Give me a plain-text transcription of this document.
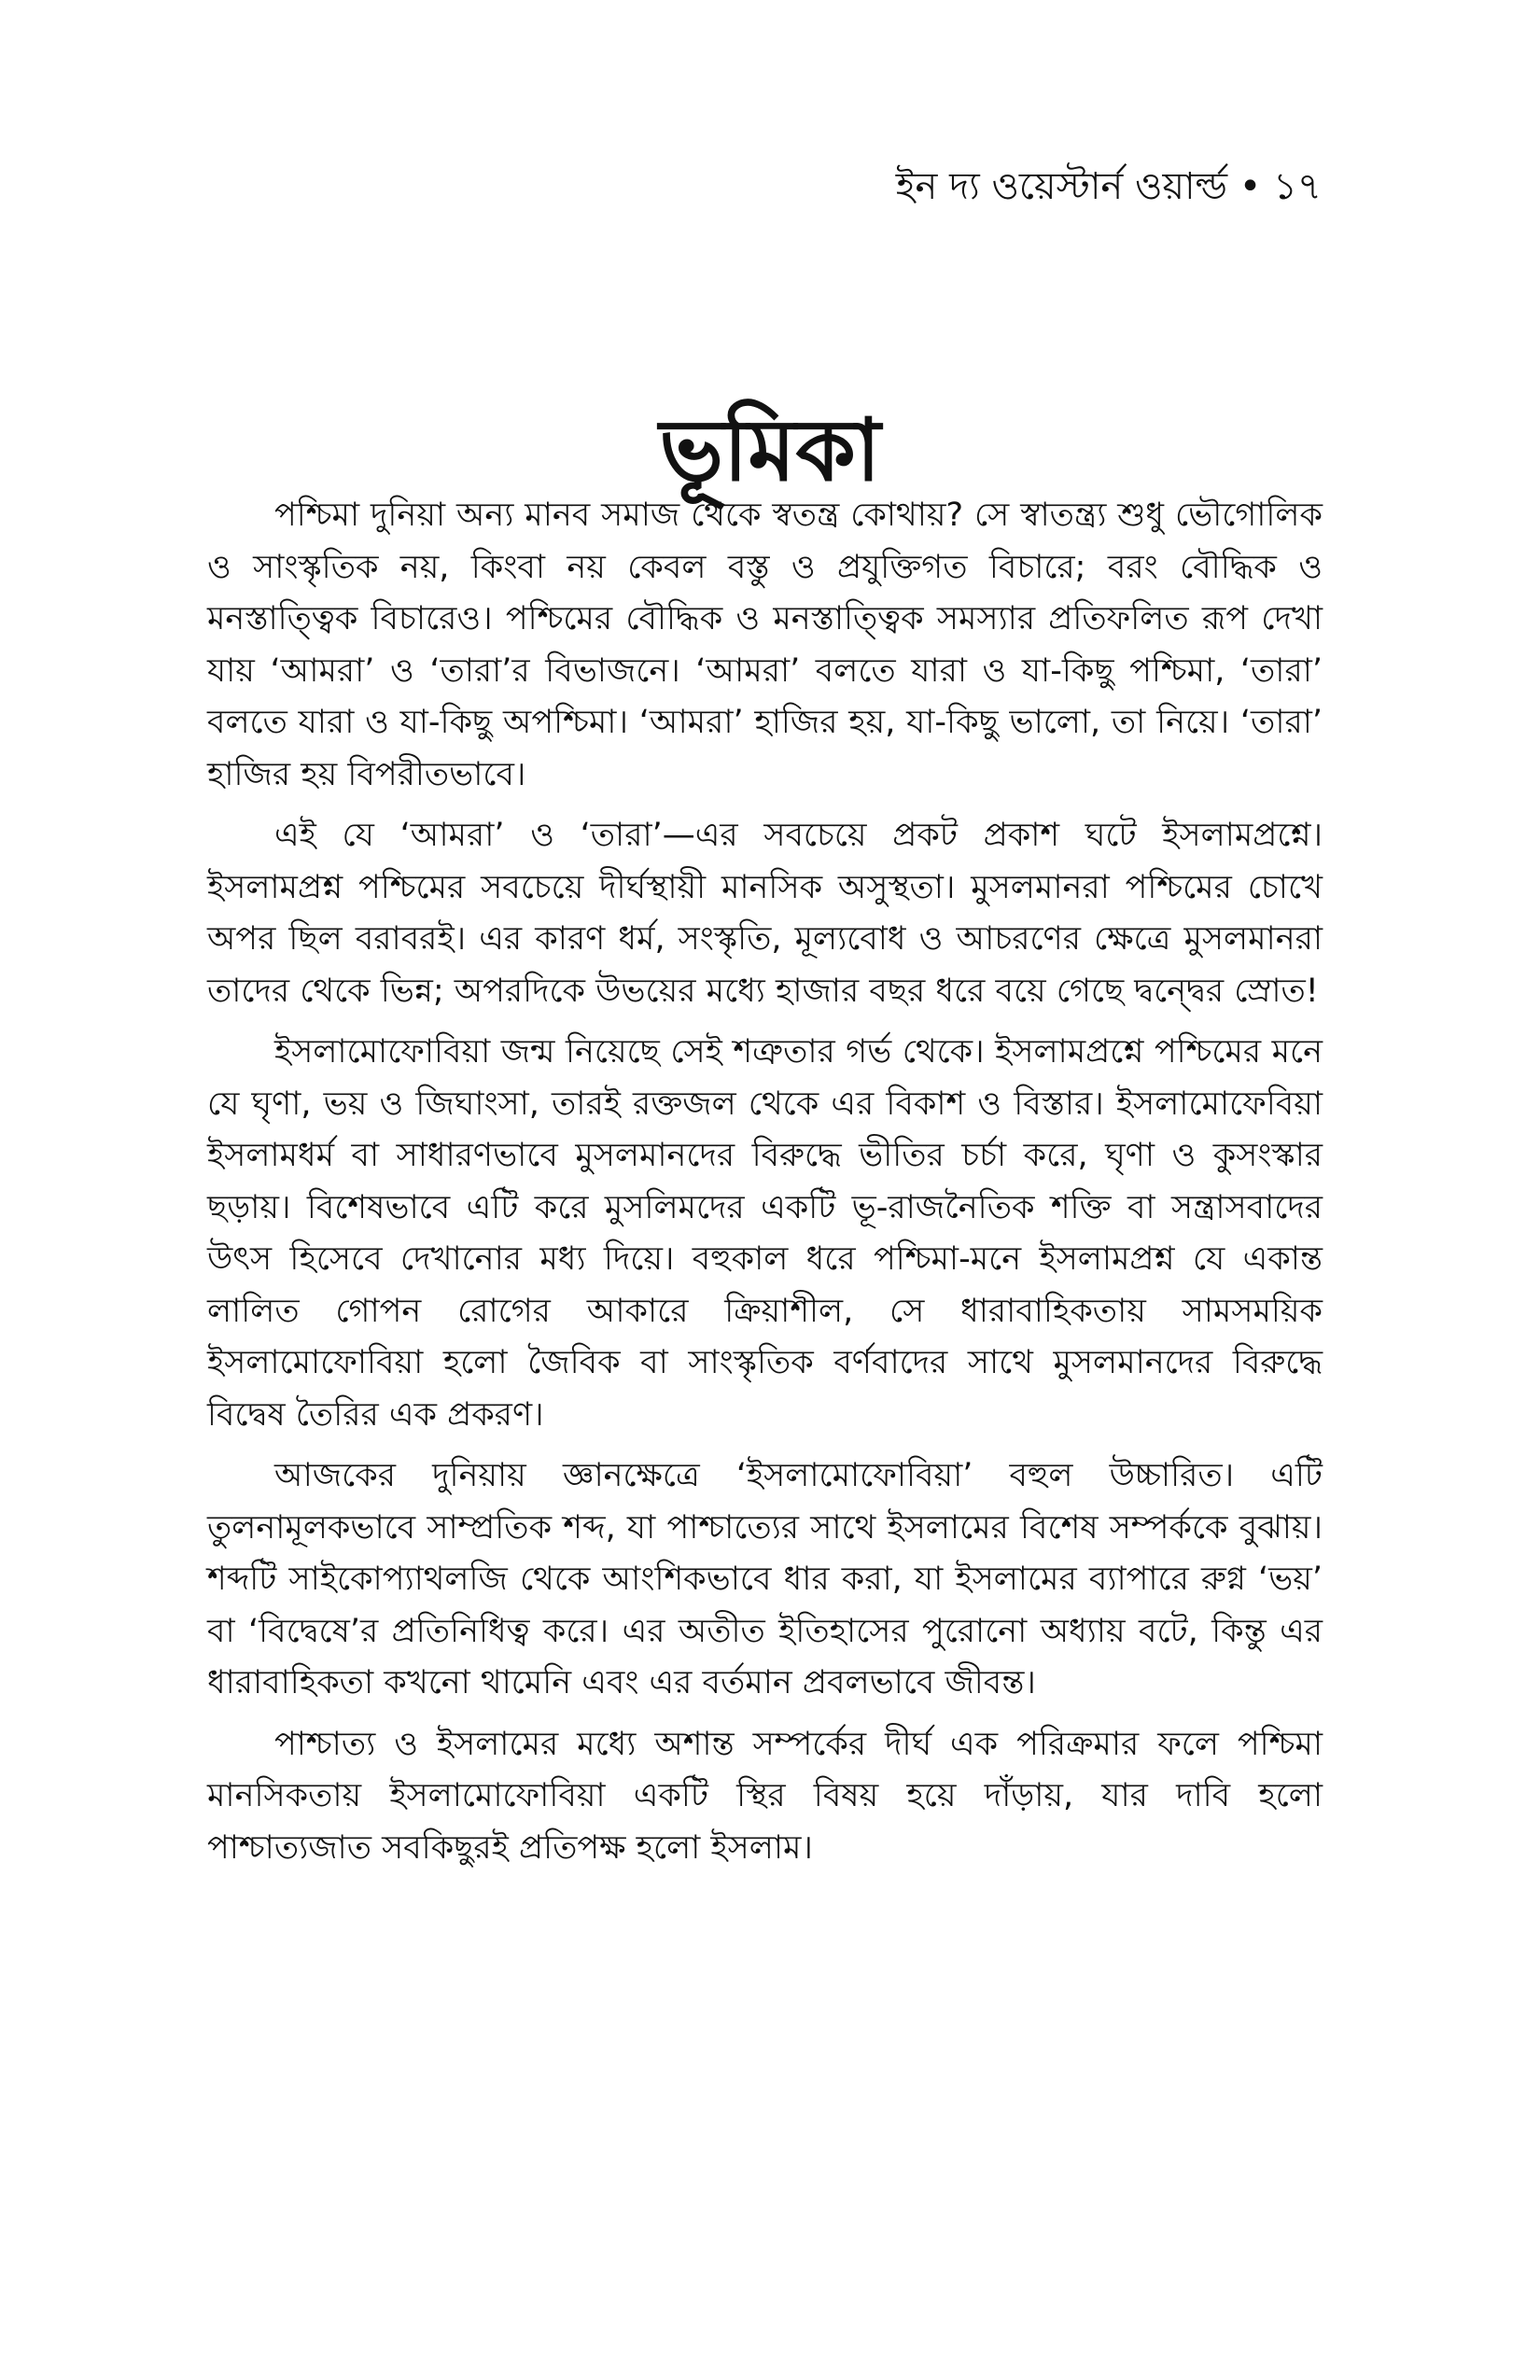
ইন দ্য ওয়েস্টার্ন ওয়ার্ল্ড • ১৭
ভূমিকা

পশ্চিমা দুনিয়া অন্য মানব সমাজ থেকে স্বতন্ত্র কোথায়? সে স্বাতন্ত্র্য শুধু ভৌগোলিক ও সাংস্কৃতিক নয়, কিংবা নয় কেবল বস্তু ও প্রযুক্তিগত বিচারে; বরং বৌদ্ধিক ও মনস্তাত্ত্বিক বিচারেও। পশ্চিমের বৌদ্ধিক ও মনস্তাত্ত্বিক সমস্যার প্রতিফলিত রূপ দেখা যায় ‘আমরা’ ও ‘তারা’র বিভাজনে। ‘আমরা’ বলতে যারা ও যা-কিছু পশ্চিমা, ‘তারা’ বলতে যারা ও যা-কিছু অপশ্চিমা। ‘আমরা’ হাজির হয়, যা-কিছু ভালো, তা নিয়ে। ‘তারা’ হাজির হয় বিপরীতভাবে।

এই যে ‘আমরা’ ও ‘তারা’—এর সবচেয়ে প্রকট প্রকাশ ঘটে ইসলামপ্রশ্নে। ইসলামপ্রশ্ন পশ্চিমের সবচেয়ে দীর্ঘস্থায়ী মানসিক অসুস্থতা। মুসলমানরা পশ্চিমের চোখে অপর ছিল বরাবরই। এর কারণ ধর্ম, সংস্কৃতি, মূল্যবোধ ও আচরণের ক্ষেত্রে মুসলমানরা তাদের থেকে ভিন্ন; অপরদিকে উভয়ের মধ্যে হাজার বছর ধরে বয়ে গেছে দ্বন্দ্বের স্রোত!

ইসলামোফোবিয়া জন্ম নিয়েছে সেই শত্রুতার গর্ভ থেকে। ইসলামপ্রশ্নে পশ্চিমের মনে যে ঘৃণা, ভয় ও জিঘাংসা, তারই রক্তজল থেকে এর বিকাশ ও বিস্তার। ইসলামোফেবিয়া ইসলামধর্ম বা সাধারণভাবে মুসলমানদের বিরুদ্ধে ভীতির চর্চা করে, ঘৃণা ও কুসংস্কার ছড়ায়। বিশেষভাবে এটি করে মুসলিমদের একটি ভূ-রাজনৈতিক শক্তি বা সন্ত্রাসবাদের উৎস হিসেবে দেখানোর মধ্য দিয়ে। বহুকাল ধরে পশ্চিমা-মনে ইসলামপ্রশ্ন যে একান্ত লালিত গোপন রোগের আকারে ক্রিয়াশীল, সে ধারাবাহিকতায় সামসময়িক ইসলামোফোবিয়া হলো জৈবিক বা সাংস্কৃতিক বর্ণবাদের সাথে মুসলমানদের বিরুদ্ধে বিদ্বেষ তৈরির এক প্রকরণ।

আজকের দুনিয়ায় জ্ঞানক্ষেত্রে ‘ইসলামোফোবিয়া’ বহুল উচ্চারিত। এটি তুলনামূলকভাবে সাম্প্রতিক শব্দ, যা পাশ্চাত্যের সাথে ইসলামের বিশেষ সম্পর্ককে বুঝায়। শব্দটি সাইকোপ্যাথলজি থেকে আংশিকভাবে ধার করা, যা ইসলামের ব্যাপারে রুগ্ন ‘ভয়’ বা ‘বিদ্বেষে’র প্রতিনিধিত্ব করে। এর অতীত ইতিহাসের পুরোনো অধ্যায় বটে, কিন্তু এর ধারাবাহিকতা কখনো থামেনি এবং এর বর্তমান প্রবলভাবে জীবন্ত।

পাশ্চাত্য ও ইসলামের মধ্যে অশান্ত সম্পর্কের দীর্ঘ এক পরিক্রমার ফলে পশ্চিমা মানসিকতায় ইসলামোফোবিয়া একটি স্থির বিষয় হয়ে দাঁড়ায়, যার দাবি হলো পাশ্চাত্যজাত সবকিছুরই প্রতিপক্ষ হলো ইসলাম।
